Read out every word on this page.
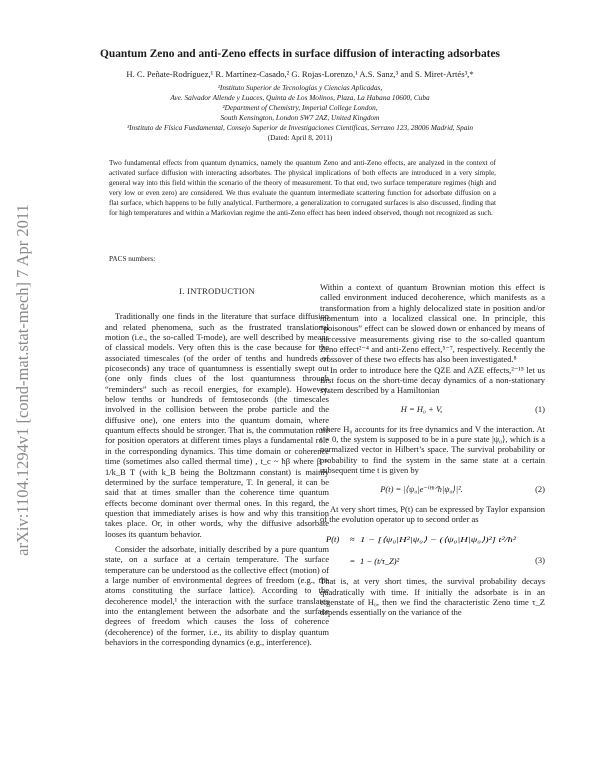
arXiv:1104.1294v1 [cond-mat.stat-mech] 7 Apr 2011
Quantum Zeno and anti-Zeno effects in surface diffusion of interacting adsorbates
H. C. Peñate-Rodríguez,¹ R. Martínez-Casado,² G. Rojas-Lorenzo,¹ A.S. Sanz,³ and S. Miret-Artés³,*
¹Instituto Superior de Tecnologías y Ciencias Aplicadas,
Ave. Salvador Allende y Luaces, Quinta de Los Molinos, Plaza, La Habana 10600, Cuba
²Department of Chemistry, Imperial College London,
South Kensington, London SW7 2AZ, United Kingdom
³Instituto de Física Fundamental, Consejo Superior de Investigaciones Científicas, Serrano 123, 28006 Madrid, Spain
(Dated: April 8, 2011)
Two fundamental effects from quantum dynamics, namely the quantum Zeno and anti-Zeno effects, are analyzed in the context of activated surface diffusion with interacting adsorbates. The physical implications of both effects are introduced in a very simple, general way into this field within the scenario of the theory of measurement. To that end, two surface temperature regimes (high and very low or even zero) are considered. We thus evaluate the quantum intermediate scattering function for adsorbate diffusion on a flat surface, which happens to be fully analytical. Furthermore, a generalization to corrugated surfaces is also discussed, finding that for high temperatures and within a Markovian regime the anti-Zeno effect has been indeed observed, though not recognized as such.
PACS numbers:
I. INTRODUCTION

Traditionally one finds in the literature that surface diffusion and related phenomena, such as the frustrated translational motion (i.e., the so-called T-mode), are well described by means of classical models. Very often this is the case because for the associated timescales (of the order of tenths and hundreds of picoseconds) any trace of quantumness is essentially swept out (one only finds clues of the lost quantumness through “reminders” such as recoil energies, for example). However, below tenths or hundreds of femtoseconds (the timescales involved in the collision between the probe particle and the diffusive one), one enters into the quantum domain, where quantum effects should be stronger. That is, the commutation rule for position operators at different times plays a fundamental role in the corresponding dynamics. This time domain or coherence time (sometimes also called thermal time) , t_c ~ ħβ where β = 1/k_B T (with k_B being the Boltzmann constant) is mainly determined by the surface temperature, T. In general, it can be said that at times smaller than the coherence time quantum effects become dominant over thermal ones. In this regard, the question that immediately arises is how and why this transition takes place. Or, in other words, why the diffusive adsorbate looses its quantum behavior.

Consider the adsorbate, initially described by a pure quantum state, on a surface at a certain temperature. The surface temperature can be understood as the collective effect (motion) of a large number of environmental degrees of freedom (e.g., the atoms constituting the surface lattice). According to the decoherence model,¹ the interaction with the surface translates into the entanglement between the adsorbate and the surface degrees of freedom which causes the loss of coherence (decoherence) of the former, i.e., its ability to display quantum behaviors in the corresponding dynamics (e.g., interference).

Within a context of quantum Brownian motion this effect is called environment induced decoherence, which manifests as a transformation from a highly delocalized state in position and/or momentum into a localized classical one. In principle, this “poisonous” effect can be slowed down or enhanced by means of successive measurements giving rise to the so-called quantum Zeno effect²⁻⁴ and anti-Zeno effect,⁵⁻⁷, respectively. Recently the crossover of these two effects has also been investigated.⁸

In order to introduce here the QZE and AZE effects,²⁻¹⁵ let us first focus on the short-time decay dynamics of a non-stationary system described by a Hamiltonian

H = H₀ + V,	(1)

where H₀ accounts for its free dynamics and V the interaction. At t = 0, the system is supposed to be in a pure state |ψ₀⟩, which is a normalized vector in Hilbert’s space. The survival probability or probability to find the system in the same state at a certain subsequent time t is given by

P(t) = |⟨ψ₀|e⁻ⁱᴴᵗᐟħ|ψ₀⟩|².	(2)

At very short times, P(t) can be expressed by Taylor expansion of the evolution operator up to second order as

P(t) ≈ 1 − [⟨ψ₀|H²|ψ₀⟩ − (⟨ψ₀|H|ψ₀⟩)²] t²/ħ²
= 1 − (t/τ_Z)²	(3)

That is, at very short times, the survival probability decays quadratically with time. If initially the adsorbate is in an eigenstate of H₀, then we find the characteristic Zeno time τ_Z depends essentially on the variance of the
